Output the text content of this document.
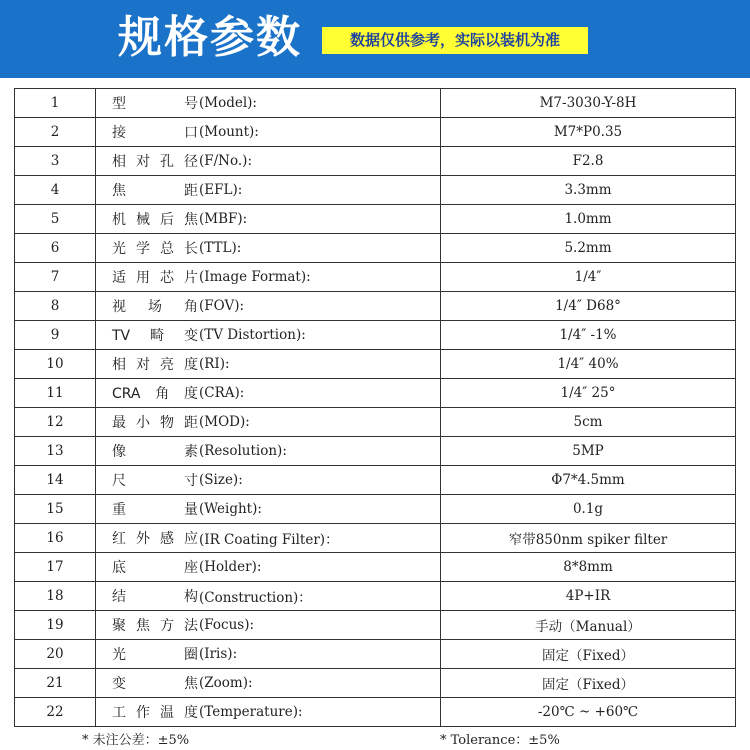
规格参数	数据仅供参考，实际以装机为准
1	型号(Model):	M7-3030-Y-8H
2	接口(Mount):	M7*P0.35
3	相对孔径(F/No.):	F2.8
4	焦距(EFL):	3.3mm
5	机械后焦(MBF):	1.0mm
6	光学总长(TTL):	5.2mm
7	适用芯片(Image Format):	1/4″
8	视场角(FOV):	1/4″ D68°
9	TV畸变(TV Distortion):	1/4″ -1%
10	相对亮度(RI):	1/4″ 40%
11	CRA角度(CRA):	1/4″ 25°
12	最小物距(MOD):	5cm
13	像素(Resolution):	5MP
14	尺寸(Size):	Φ7*4.5mm
15	重量(Weight):	0.1g
16	红外感应(IR Coating Filter)：	窄带850nm spiker filter
17	底座(Holder):	8*8mm
18	结构(Construction)：	4P+IR
19	聚焦方法(Focus):	手动（Manual）
20	光圈(Iris):	固定（Fixed）
21	变焦(Zoom):	固定（Fixed）
22	工作温度(Temperature):	-20℃ ~ +60℃
* 未注公差：±5%	* Tolerance：±5%
